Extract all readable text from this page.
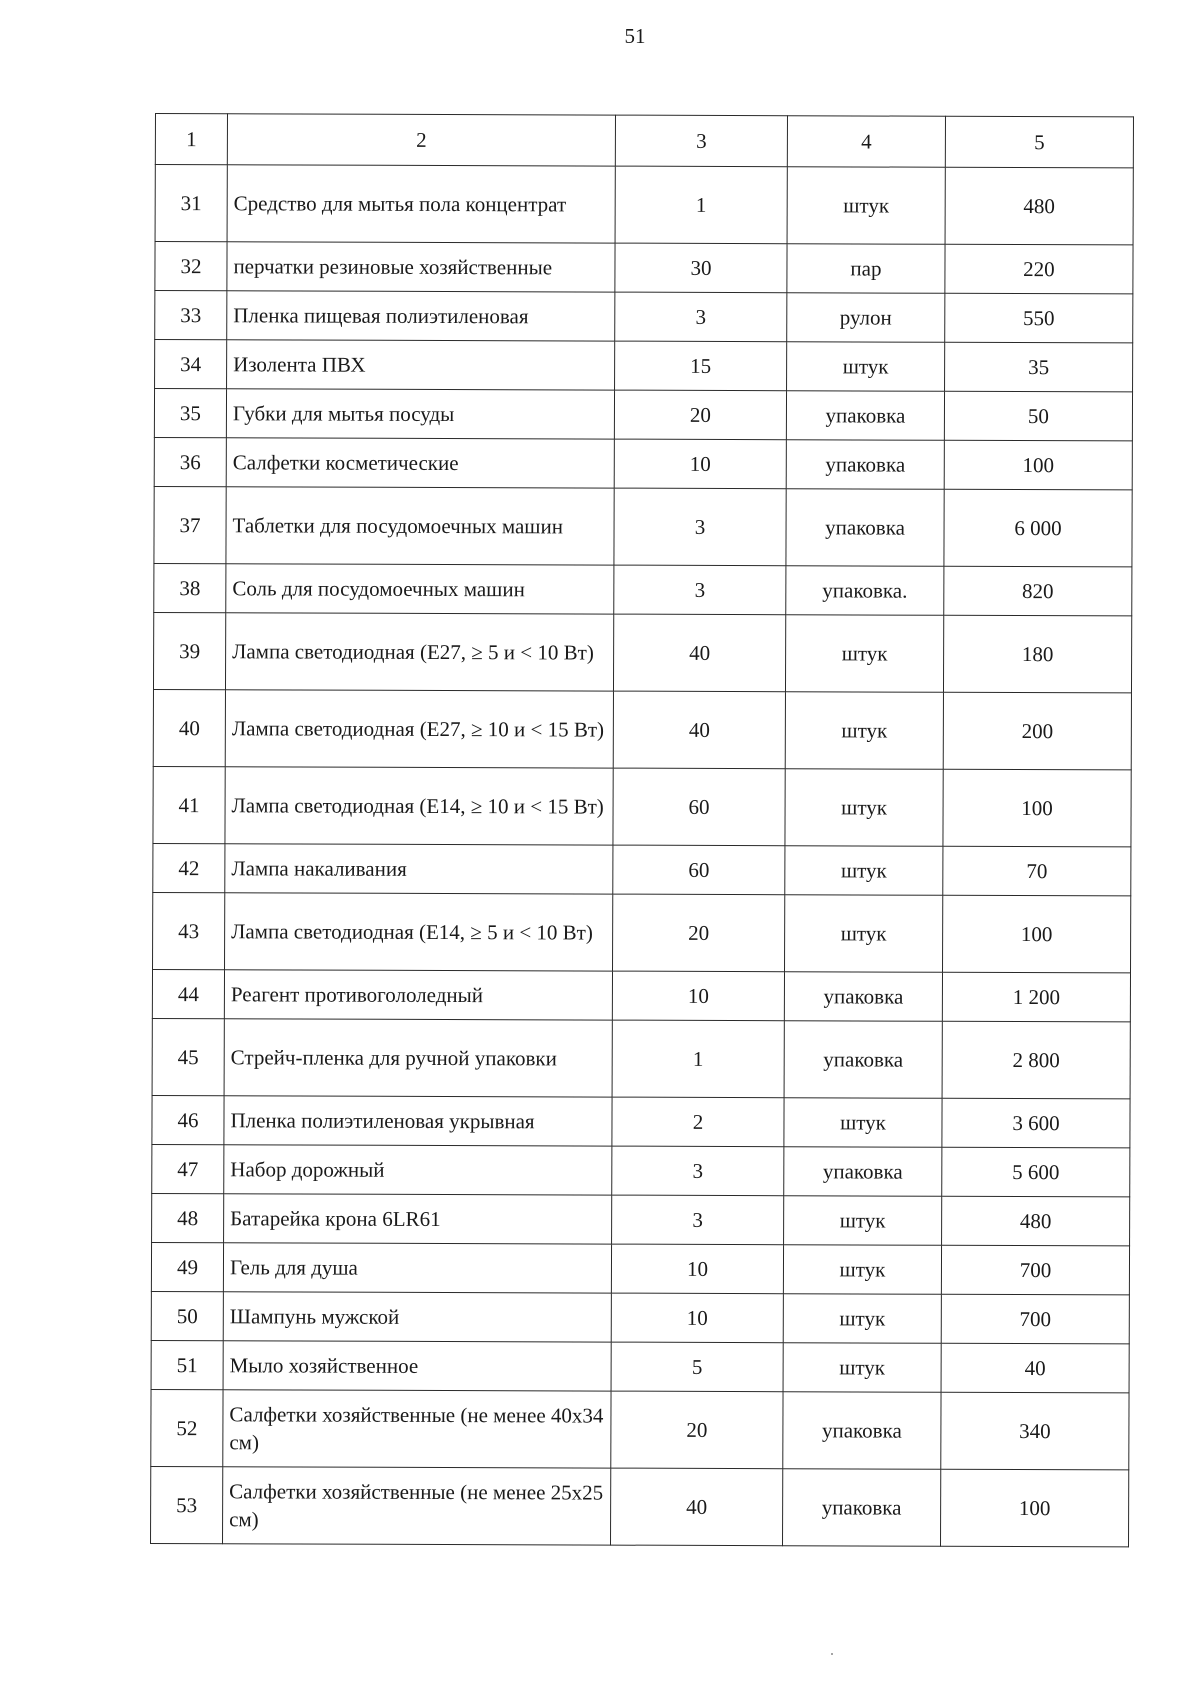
51
1	2	3	4	5
31	Средство для мытья пола концентрат	1	штук	480
32	перчатки резиновые хозяйственные	30	пар	220
33	Пленка пищевая полиэтиленовая	3	рулон	550
34	Изолента ПВХ	15	штук	35
35	Губки для мытья посуды	20	упаковка	50
36	Салфетки косметические	10	упаковка	100
37	Таблетки для посудомоечных машин	3	упаковка	6 000
38	Соль для посудомоечных машин	3	упаковка.	820
39	Лампа светодиодная (E27, ≥ 5 и < 10 Вт)	40	штук	180
40	Лампа светодиодная (E27, ≥ 10 и < 15 Вт)	40	штук	200
41	Лампа светодиодная (E14, ≥ 10 и < 15 Вт)	60	штук	100
42	Лампа накаливания	60	штук	70
43	Лампа светодиодная (E14, ≥ 5 и < 10 Вт)	20	штук	100
44	Реагент противогололедный	10	упаковка	1 200
45	Стрейч-пленка для ручной упаковки	1	упаковка	2 800
46	Пленка полиэтиленовая укрывная	2	штук	3 600
47	Набор дорожный	3	упаковка	5 600
48	Батарейка крона 6LR61	3	штук	480
49	Гель для душа	10	штук	700
50	Шампунь мужской	10	штук	700
51	Мыло хозяйственное	5	штук	40
52	Салфетки хозяйственные (не менее 40х34 см)	20	упаковка	340
53	Салфетки хозяйственные (не менее 25х25 см)	40	упаковка	100
